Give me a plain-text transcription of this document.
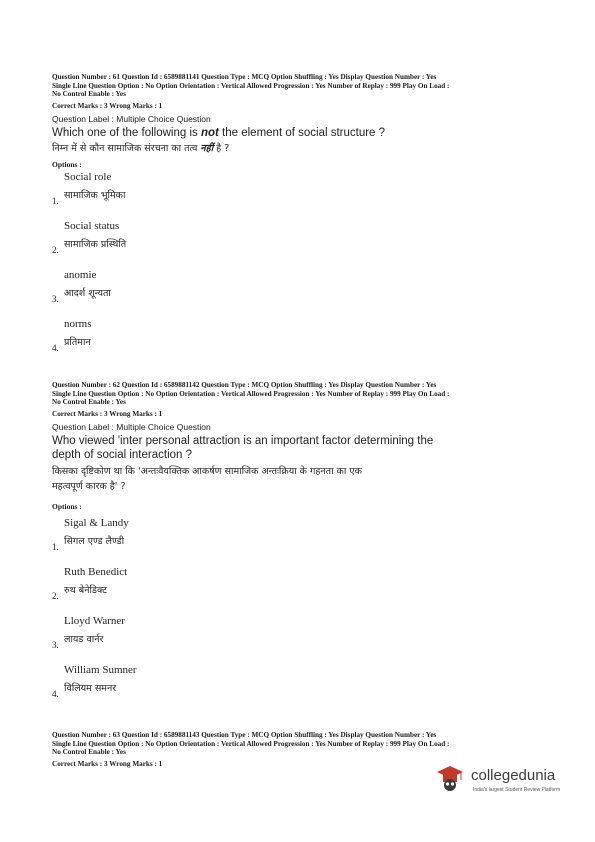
Question Number : 61 Question Id : 6589881141 Question Type : MCQ Option Shuffling : Yes Display Question Number : Yes
Single Line Question Option : No Option Orientation : Vertical Allowed Progression : Yes Number of Replay : 999 Play On Load :
No Control Enable : Yes
Correct Marks : 3 Wrong Marks : 1
Question Label : Multiple Choice Question
Which one of the following is not the element of social structure ?
निम्न में से कौन सामाजिक संरचना का तत्व नहीं है ?
Options :
Social role
सामाजिक भूमिका
1.
Social status
सामाजिक प्रस्थिति
2.
anomie
आदर्श शून्यता
3.
norms
प्रतिमान
4.
Question Number : 62 Question Id : 6589881142 Question Type : MCQ Option Shuffling : Yes Display Question Number : Yes
Single Line Question Option : No Option Orientation : Vertical Allowed Progression : Yes Number of Replay : 999 Play On Load :
No Control Enable : Yes
Correct Marks : 3 Wrong Marks : 1
Question Label : Multiple Choice Question
Who viewed 'inter personal attraction is an important factor determining the
depth of social interaction ?
किसका दृष्टिकोण था कि 'अन्तःवैयक्तिक आकर्षण सामाजिक अन्तःक्रिया के गहनता का एक
महत्वपूर्ण कारक है' ?
Options :
Sigal & Landy
सिगल एण्ड लैण्डी
1.
Ruth Benedict
रुथ बेनेडिक्ट
2.
Lloyd Warner
लायड वार्नर
3.
William Sumner
विलियम समनर
4.
Question Number : 63 Question Id : 6589881143 Question Type : MCQ Option Shuffling : Yes Display Question Number : Yes
Single Line Question Option : No Option Orientation : Vertical Allowed Progression : Yes Number of Replay : 999 Play On Load :
No Control Enable : Yes
Correct Marks : 3 Wrong Marks : 1
collegedunia
India's largest Student Review Platform
